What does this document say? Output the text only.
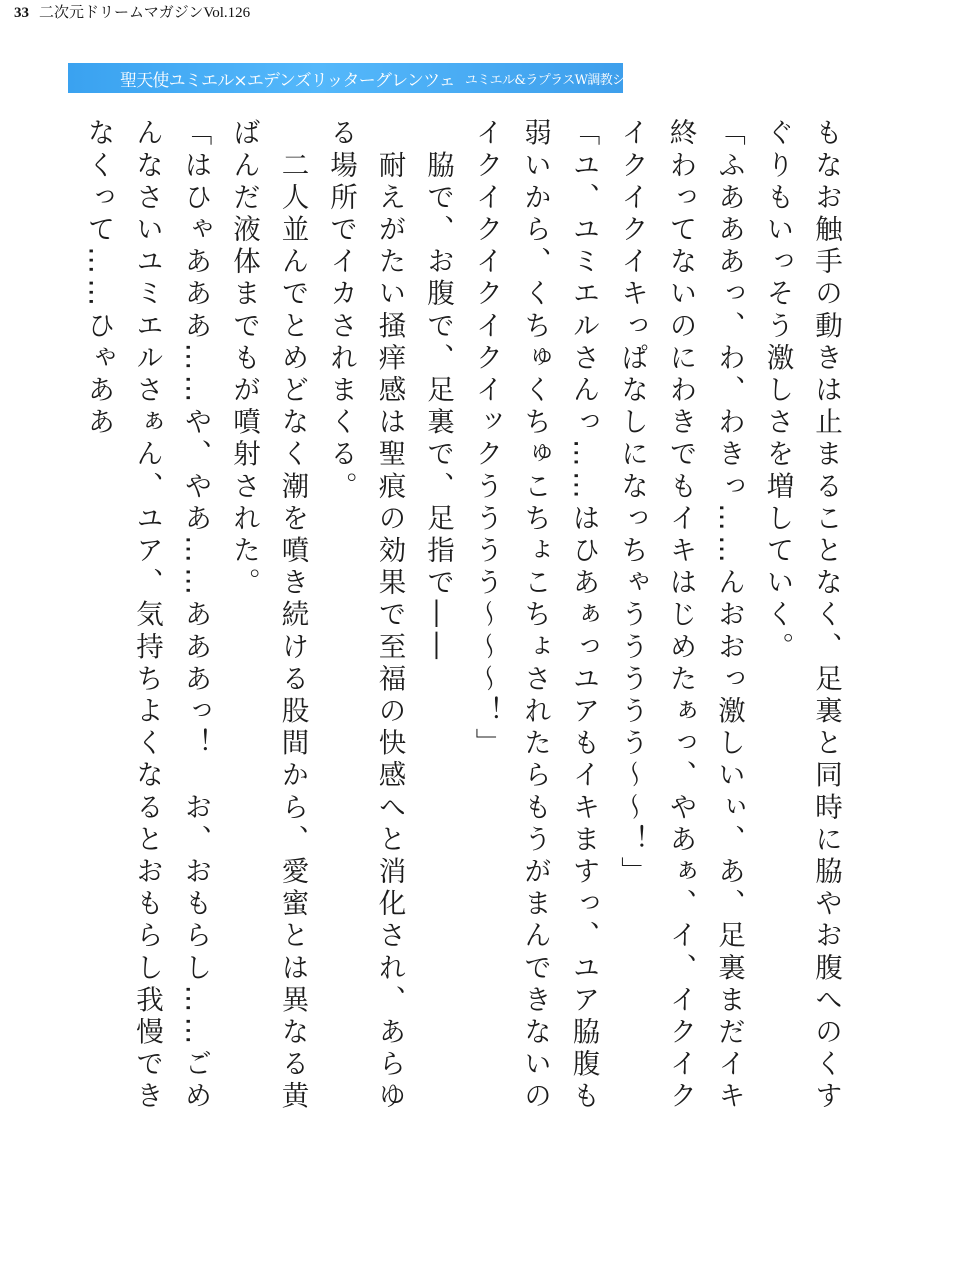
33 二次元ドリームマガジンVol.126
聖天使ユミエル×エデンズリッターグレンツェ ユミエル&ラプラスW調教ショー

もなお触手の動きは止まることなく、足裏と同時に脇やお腹へのくすぐりもいっそう激しさを増していく。

「ふあああっ、わ、わきっ……んおおっ激しいぃ、あ、足裏まだイキ終わってないのにわきでもイキはじめたぁっ、やあぁ、イ、イクイクイクイクイキっぱなしになっちゃううううう〜〜！」

「ユ、ユミエルさんっ……はひあぁっユアもイキますっ、ユア脇腹も弱いから、くちゅくちゅこちょこちょされたらもうがまんできないのイクイクイクイクイックうううう〜〜〜！」

　脇で、お腹で、足裏で、足指で――

　耐えがたい掻痒感は聖痕の効果で至福の快感へと消化され、あらゆる場所でイカされまくる。

　二人並んでとめどなく潮を噴き続ける股間から、愛蜜とは異なる黄ばんだ液体までもが噴射された。

「はひゃあああ……や、やあ……あああっ！　お、おもらし……ごめんなさいユミエルさぁん、ユア、気持ちよくなるとおもらし我慢できなくって……ひゃああ
